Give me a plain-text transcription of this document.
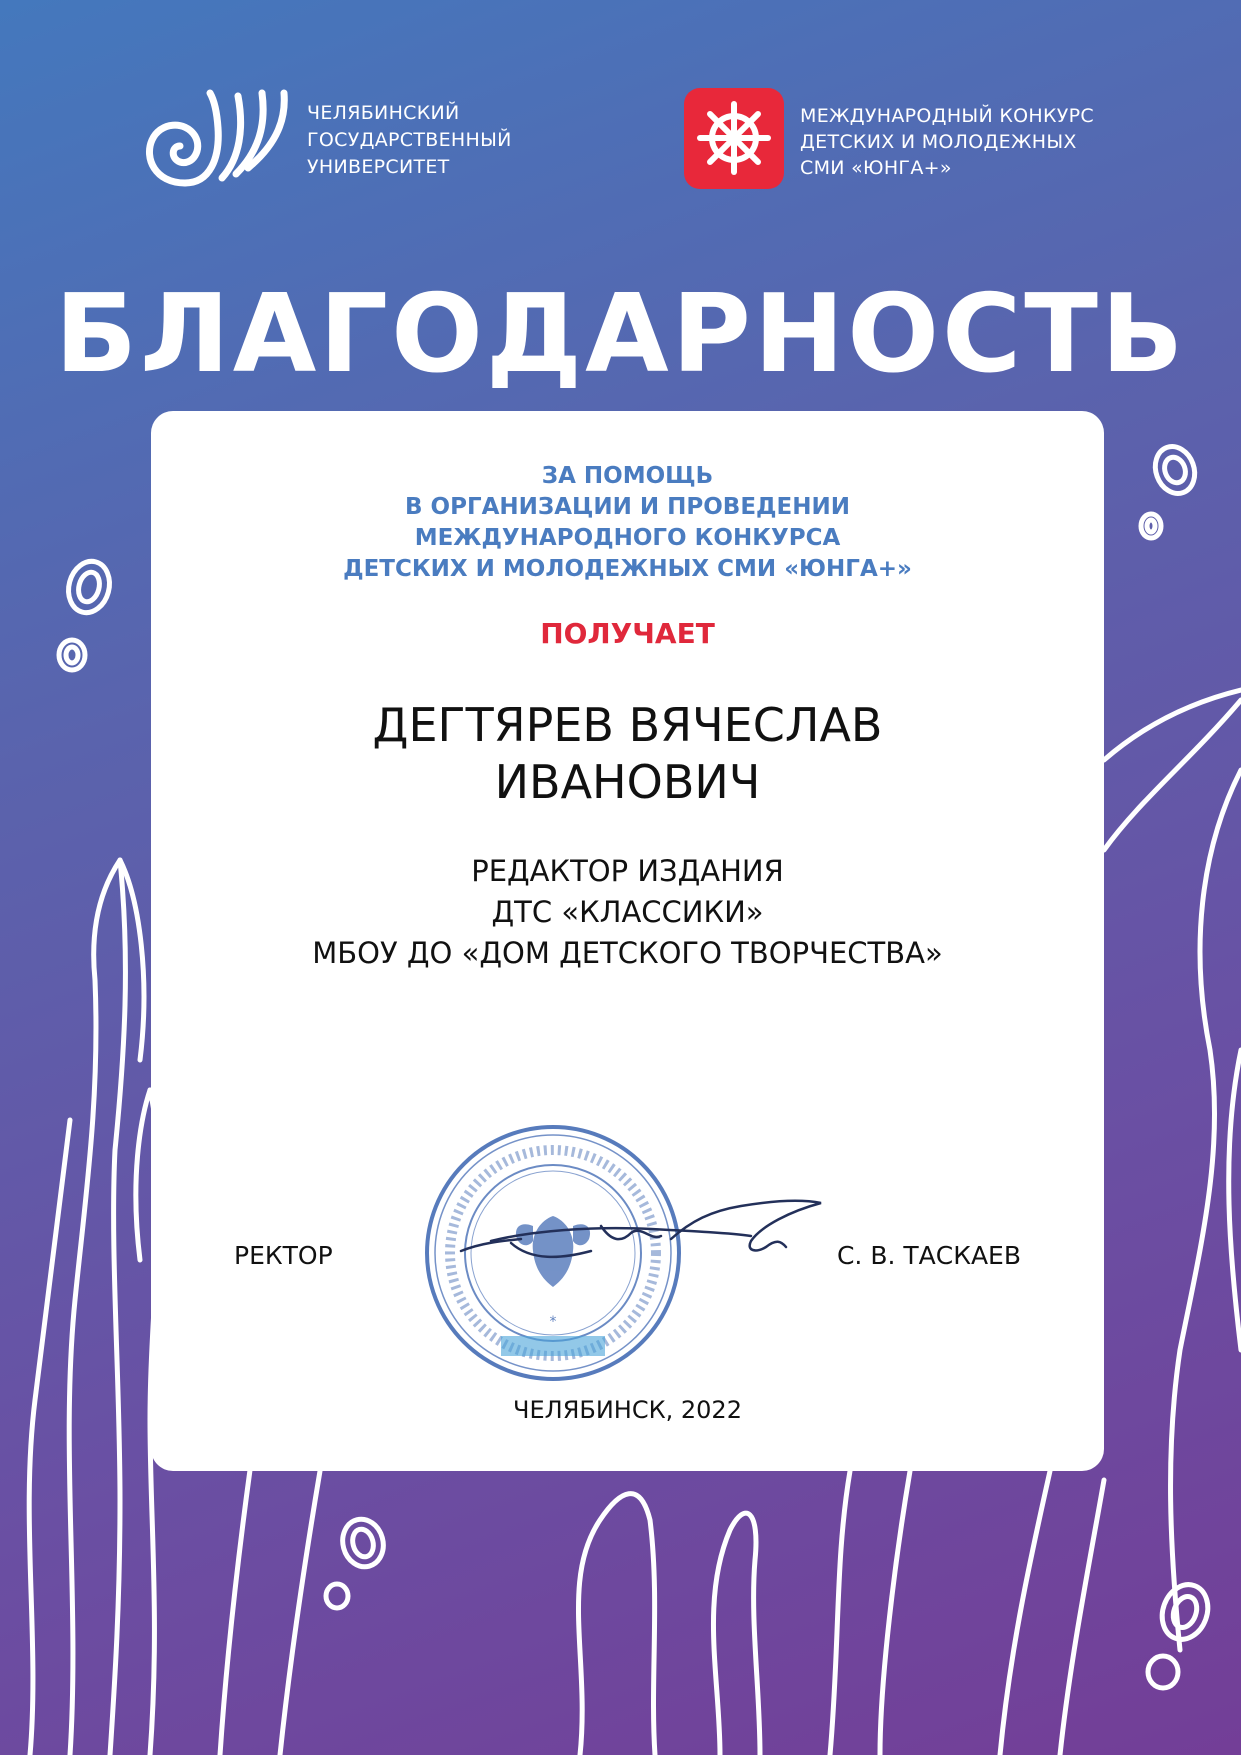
ЧЕЛЯБИНСКИЙ
ГОСУДАРСТВЕННЫЙ
УНИВЕРСИТЕТ
МЕЖДУНАРОДНЫЙ КОНКУРС
ДЕТСКИХ И МОЛОДЕЖНЫХ
СМИ «ЮНГА+»
БЛАГОДАРНОСТЬ
ЗА ПОМОЩЬ
В ОРГАНИЗАЦИИ И ПРОВЕДЕНИИ
МЕЖДУНАРОДНОГО КОНКУРСА
ДЕТСКИХ И МОЛОДЕЖНЫХ СМИ «ЮНГА+»
ПОЛУЧАЕТ
ДЕГТЯРЕВ ВЯЧЕСЛАВ
ИВАНОВИЧ
РЕДАКТОР ИЗДАНИЯ
ДТС «КЛАССИКИ»
МБОУ ДО «ДОМ ДЕТСКОГО ТВОРЧЕСТВА»
*
РЕКТОР	С. В. ТАСКАЕВ
ЧЕЛЯБИНСК, 2022
